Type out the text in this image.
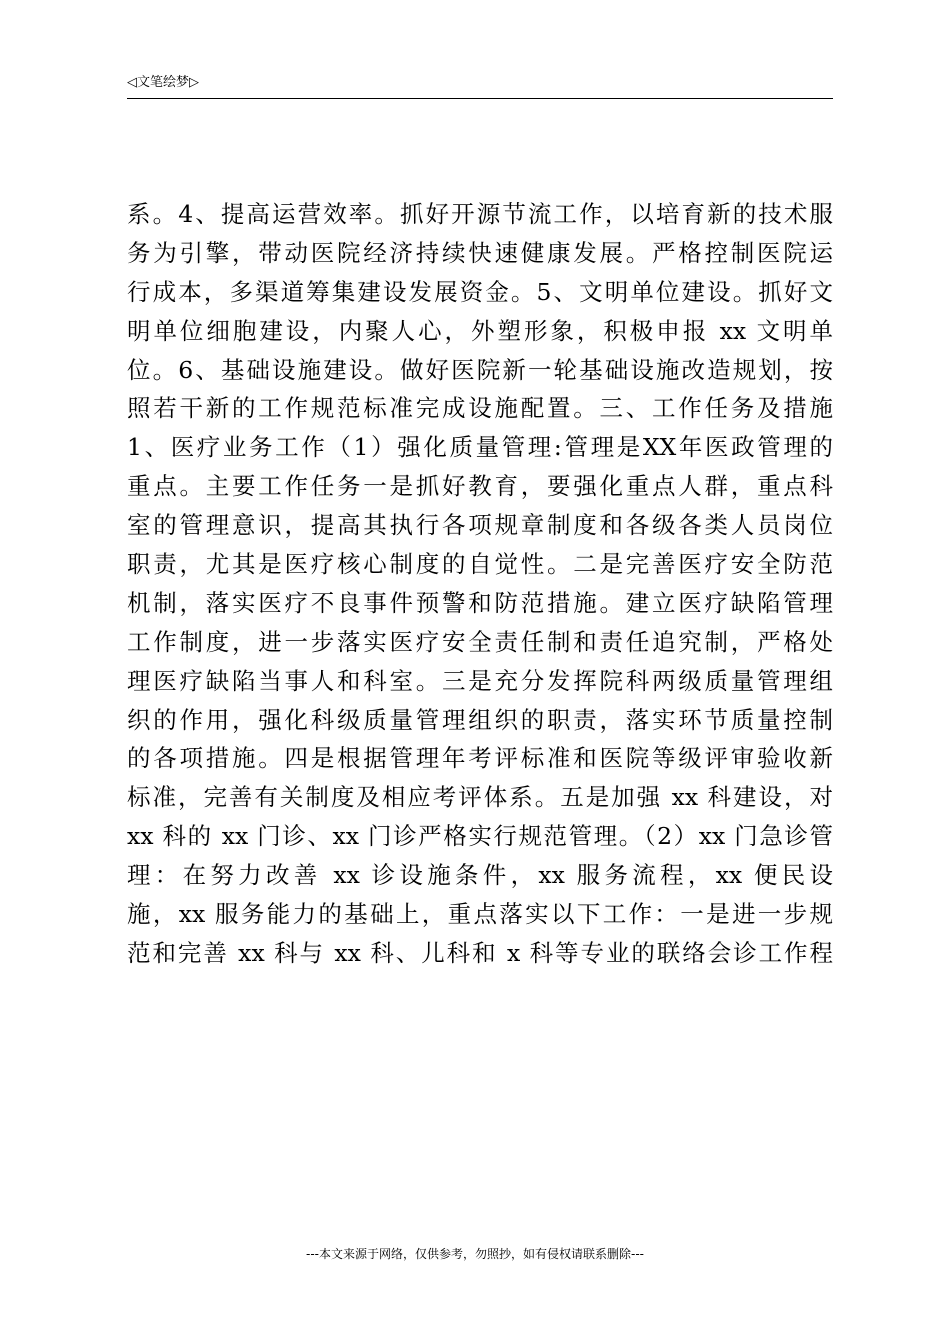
◁文笔绘梦▷
系。4、提高运营效率。抓好开源节流工作，以培育新的技术服
务为引擎，带动医院经济持续快速健康发展。严格控制医院运
行成本，多渠道筹集建设发展资金。5、文明单位建设。抓好文
明单位细胞建设，内聚人心，外塑形象，积极申报 xx 文明单
位。6、基础设施建设。做好医院新一轮基础设施改造规划，按
照若干新的工作规范标准完成设施配置。三、工作任务及措施
1、医疗业务工作（1）强化质量管理:管理是XX年医政管理的
重点。主要工作任务一是抓好教育，要强化重点人群，重点科
室的管理意识，提高其执行各项规章制度和各级各类人员岗位
职责，尤其是医疗核心制度的自觉性。二是完善医疗安全防范
机制，落实医疗不良事件预警和防范措施。建立医疗缺陷管理
工作制度，进一步落实医疗安全责任制和责任追究制，严格处
理医疗缺陷当事人和科室。三是充分发挥院科两级质量管理组
织的作用，强化科级质量管理组织的职责，落实环节质量控制
的各项措施。四是根据管理年考评标准和医院等级评审验收新
标准，完善有关制度及相应考评体系。五是加强 xx 科建设，对
xx 科的 xx 门诊、xx 门诊严格实行规范管理。（2）xx 门急诊管
理：在努力改善 xx 诊设施条件，xx 服务流程，xx 便民设
施，xx 服务能力的基础上，重点落实以下工作：一是进一步规
范和完善 xx 科与 xx 科、儿科和 x 科等专业的联络会诊工作程
---本文来源于网络，仅供参考，勿照抄，如有侵权请联系删除---
